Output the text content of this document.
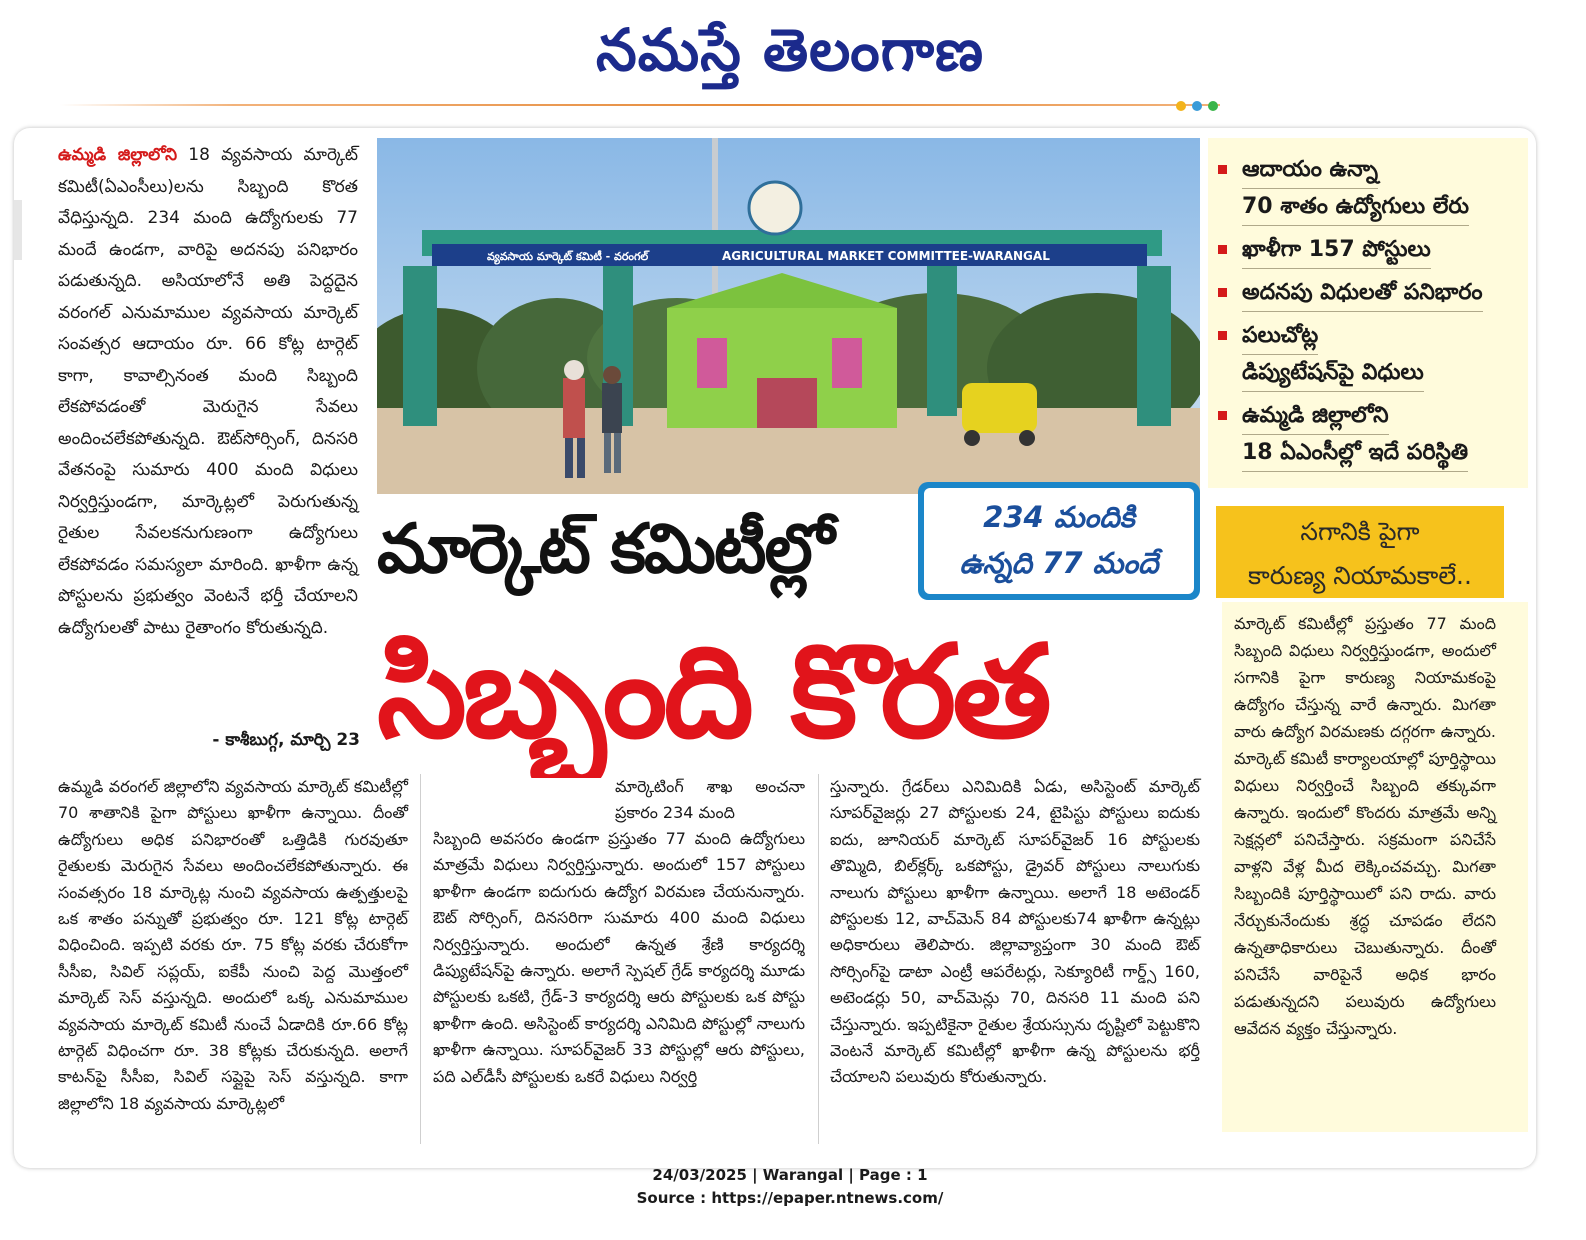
నమస్తే తెలంగాణ
ఉమ్మడి జిల్లాలోని 18 వ్యవసాయ మార్కెట్ కమిటీ(ఏఎంసీలు)లను సిబ్బంది కొరత వేధిస్తున్నది. 234 మంది ఉద్యోగులకు 77 మందే ఉండగా, వారిపై అదనపు పనిభారం పడుతున్నది. అసియాలోనే అతి పెద్దదైన వరంగల్ ఎనుమాముల వ్యవసాయ మార్కెట్ సంవత్సర ఆదాయం రూ. 66 కోట్ల టార్గెట్ కాగా, కావాల్సినంత మంది సిబ్బంది లేకపోవడంతో మెరుగైన సేవలు అందించలేకపోతున్నది. ఔట్‌సోర్సింగ్, దినసరి వేతనంపై సుమారు 400 మంది విధులు నిర్వర్తిస్తుండగా, మార్కెట్లలో పెరుగుతున్న రైతుల సేవలకనుగుణంగా ఉద్యోగులు లేకపోవడం సమస్యలా మారింది. ఖాళీగా ఉన్న పోస్టులను ప్రభుత్వం వెంటనే భర్తీ చేయాలని ఉద్యోగులతో పాటు రైతాంగం కోరుతున్నది.
- కాశీబుగ్గ, మార్చి 23
వ్యవసాయ మార్కెట్ కమిటీ - వరంగల్	AGRICULTURAL MARKET COMMITTEE-WARANGAL
మార్కెట్ కమిటీల్లో	234 మందికి
ఉన్నది 77 మందే
సిబ్బంది కొరత
ఆదాయం ఉన్నా
70 శాతం ఉద్యోగులు లేరు
ఖాళీగా 157 పోస్టులు
అదనపు విధులతో పనిభారం
పలుచోట్ల
డిప్యుటేషన్‌పై విధులు
ఉమ్మడి జిల్లాలోని
18 ఏఎంసీల్లో ఇదే పరిస్థితి
సగానికి పైగా
కారుణ్య నియామకాలే..
మార్కెట్ కమిటీల్లో ప్రస్తుతం 77 మంది సిబ్బంది విధులు నిర్వర్తిస్తుండగా, అందులో సగానికి పైగా కారుణ్య నియామకంపై ఉద్యోగం చేస్తున్న వారే ఉన్నారు. మిగతా వారు ఉద్యోగ విరమణకు దగ్గరగా ఉన్నారు. మార్కెట్ కమిటీ కార్యాలయాల్లో పూర్తిస్థాయి విధులు నిర్వర్తించే సిబ్బంది తక్కువగా ఉన్నారు. ఇందులో కొందరు మాత్రమే అన్ని సెక్షన్లలో పనిచేస్తారు. సక్రమంగా పనిచేసే వాళ్లని వేళ్ల మీద లెక్కించవచ్చు. మిగతా సిబ్బందికి పూర్తిస్థాయిలో పని రాదు. వారు నేర్చుకునేందుకు శ్రద్ధ చూపడం లేదని ఉన్నతాధికారులు చెబుతున్నారు. దీంతో పనిచేసే వారిపైనే అధిక భారం పడుతున్నదని పలువురు ఉద్యోగులు ఆవేదన వ్యక్తం చేస్తున్నారు.
ఉమ్మడి వరంగల్ జిల్లాలోని వ్యవసాయ మార్కెట్ కమిటీల్లో 70 శాతానికి పైగా పోస్టులు ఖాళీగా ఉన్నాయి. దీంతో ఉద్యోగులు అధిక పనిభారంతో ఒత్తిడికి గురవుతూ రైతులకు మెరుగైన సేవలు అందించలేకపోతున్నారు. ఈ సంవత్సరం 18 మార్కెట్ల నుంచి వ్యవసాయ ఉత్పత్తులపై ఒక శాతం పన్నుతో ప్రభుత్వం రూ. 121 కోట్ల టార్గెట్ విధించింది. ఇప్పటి వరకు రూ. 75 కోట్ల వరకు చేరుకోగా సీసీఐ, సివిల్ సప్లయ్, ఐకేపీ నుంచి పెద్ద మొత్తంలో మార్కెట్ సెస్ వస్తున్నది. అందులో ఒక్క ఎనుమాముల వ్యవసాయ మార్కెట్ కమిటీ నుంచే ఏడాదికి రూ.66 కోట్ల టార్గెట్ విధించగా రూ. 38 కోట్లకు చేరుకున్నది. అలాగే కాటన్‌పై సీసీఐ, సివిల్ సప్లైపై సెస్ వస్తున్నది. కాగా జిల్లాలోని 18 వ్యవసాయ మార్కెట్లలో
మార్కెటింగ్ శాఖ అంచనా ప్రకారం 234 మంది
సిబ్బంది అవసరం ఉండగా ప్రస్తుతం 77 మంది ఉద్యోగులు మాత్రమే విధులు నిర్వర్తిస్తున్నారు. అందులో 157 పోస్టులు ఖాళీగా ఉండగా ఐదుగురు ఉద్యోగ విరమణ చేయనున్నారు. ఔట్ సోర్సింగ్, దినసరిగా సుమారు 400 మంది విధులు నిర్వర్తిస్తున్నారు. అందులో ఉన్నత శ్రేణి కార్యదర్శి డిప్యుటేషన్‌పై ఉన్నారు. అలాగే స్పెషల్ గ్రేడ్ కార్యదర్శి మూడు పోస్టులకు ఒకటి, గ్రేడ్-3 కార్యదర్శి ఆరు పోస్టులకు ఒక పోస్టు ఖాళీగా ఉంది. అసిస్టెంట్ కార్యదర్శి ఎనిమిది పోస్టుల్లో నాలుగు ఖాళీగా ఉన్నాయి. సూపర్‌వైజర్ 33 పోస్టుల్లో ఆరు పోస్టులు, పది ఎల్‌డీసీ పోస్టులకు ఒకరే విధులు నిర్వర్తి
స్తున్నారు. గ్రేడర్‌లు ఎనిమిదికి ఏడు, అసిస్టెంట్ మార్కెట్ సూపర్‌వైజర్లు 27 పోస్టులకు 24, టైపిస్టు పోస్టులు ఐదుకు ఐదు, జూనియర్ మార్కెట్ సూపర్‌వైజర్ 16 పోస్టులకు తొమ్మిది, బిల్‌క్లర్క్ ఒకపోస్టు, డ్రైవర్ పోస్టులు నాలుగుకు నాలుగు పోస్టులు ఖాళీగా ఉన్నాయి. అలాగే 18 అటెండర్ పోస్టులకు 12, వాచ్‌మెన్ 84 పోస్టులకు74 ఖాళీగా ఉన్నట్లు అధికారులు తెలిపారు. జిల్లావ్యాప్తంగా 30 మంది ఔట్ సోర్సింగ్‌పై డాటా ఎంట్రీ ఆపరేటర్లు, సెక్యూరిటీ గార్డ్స్ 160, అటెండర్లు 50, వాచ్‌మెన్లు 70, దినసరి 11 మంది పని చేస్తున్నారు. ఇప్పటికైనా రైతుల శ్రేయస్సును దృష్టిలో పెట్టుకొని వెంటనే మార్కెట్ కమిటీల్లో ఖాళీగా ఉన్న పోస్టులను భర్తీ చేయాలని పలువురు కోరుతున్నారు.
24/03/2025 | Warangal | Page : 1
Source : https://epaper.ntnews.com/
